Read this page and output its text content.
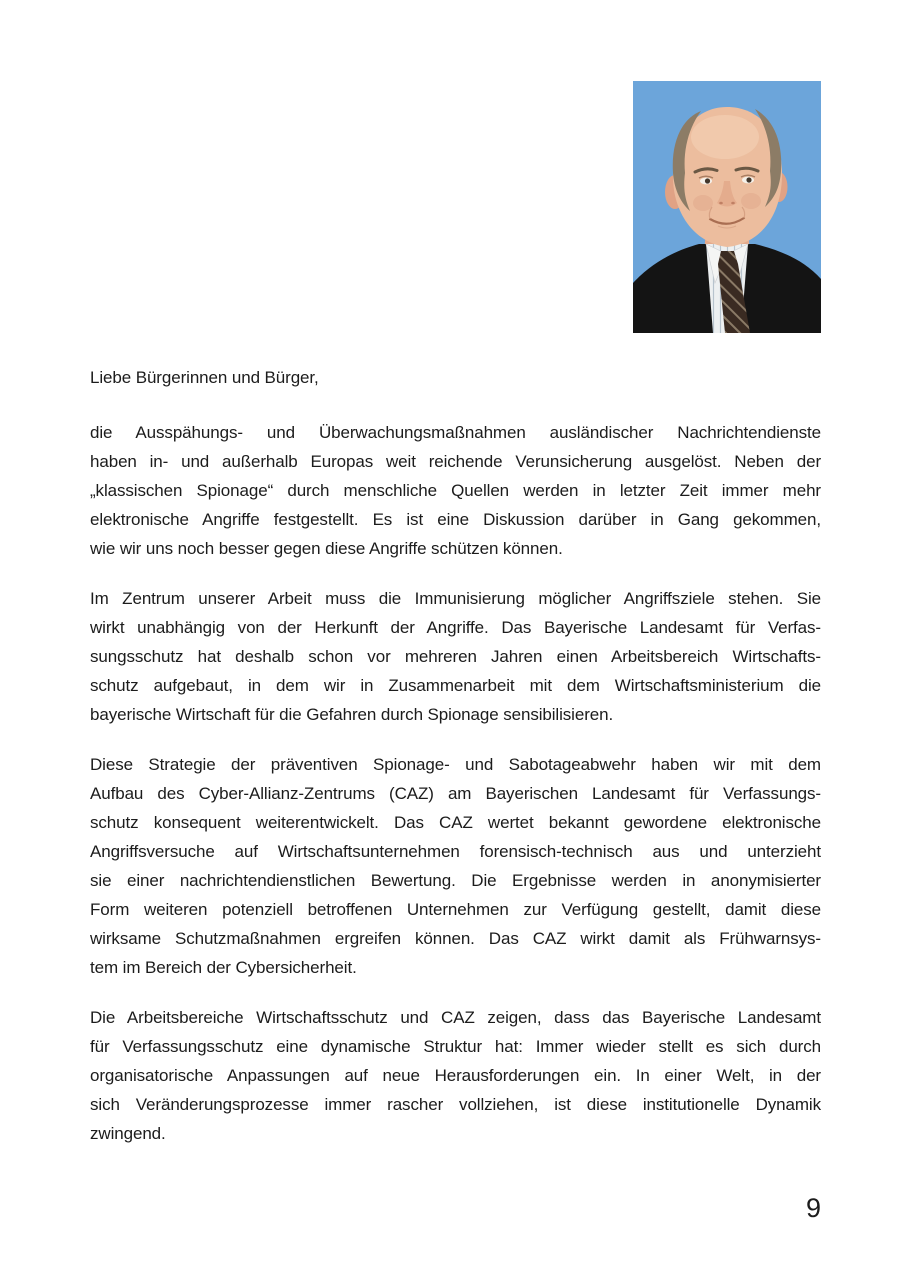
Liebe Bürgerinnen und Bürger,
die Ausspähungs- und Überwachungsmaßnahmen ausländischer Nachrichtendienste
haben in- und außerhalb Europas weit reichende Verunsicherung ausgelöst. Neben der
„klassischen Spionage“ durch menschliche Quellen werden in letzter Zeit immer mehr
elektronische Angriffe festgestellt. Es ist eine Diskussion darüber in Gang gekommen,
wie wir uns noch besser gegen diese Angriffe schützen können.
Im Zentrum unserer Arbeit muss die Immunisierung möglicher Angriffsziele stehen. Sie
wirkt unabhängig von der Herkunft der Angriffe. Das Bayerische Landesamt für Verfas-
sungsschutz hat deshalb schon vor mehreren Jahren einen Arbeitsbereich Wirtschafts-
schutz aufgebaut, in dem wir in Zusammenarbeit mit dem Wirtschaftsministerium die
bayerische Wirtschaft für die Gefahren durch Spionage sensibilisieren.
Diese Strategie der präventiven Spionage- und Sabotageabwehr haben wir mit dem
Aufbau des Cyber-Allianz-Zentrums (CAZ) am Bayerischen Landesamt für Verfassungs-
schutz konsequent weiterentwickelt. Das CAZ wertet bekannt gewordene elektronische
Angriffsversuche auf Wirtschaftsunternehmen forensisch-technisch aus und unterzieht
sie einer nachrichtendienstlichen Bewertung. Die Ergebnisse werden in anonymisierter
Form weiteren potenziell betroffenen Unternehmen zur Verfügung gestellt, damit diese
wirksame Schutzmaßnahmen ergreifen können. Das CAZ wirkt damit als Frühwarnsys-
tem im Bereich der Cybersicherheit.
Die Arbeitsbereiche Wirtschaftsschutz und CAZ zeigen, dass das Bayerische Landesamt
für Verfassungsschutz eine dynamische Struktur hat: Immer wieder stellt es sich durch
organisatorische Anpassungen auf neue Herausforderungen ein. In einer Welt, in der
sich Veränderungsprozesse immer rascher vollziehen, ist diese institutionelle Dynamik
zwingend.
9
